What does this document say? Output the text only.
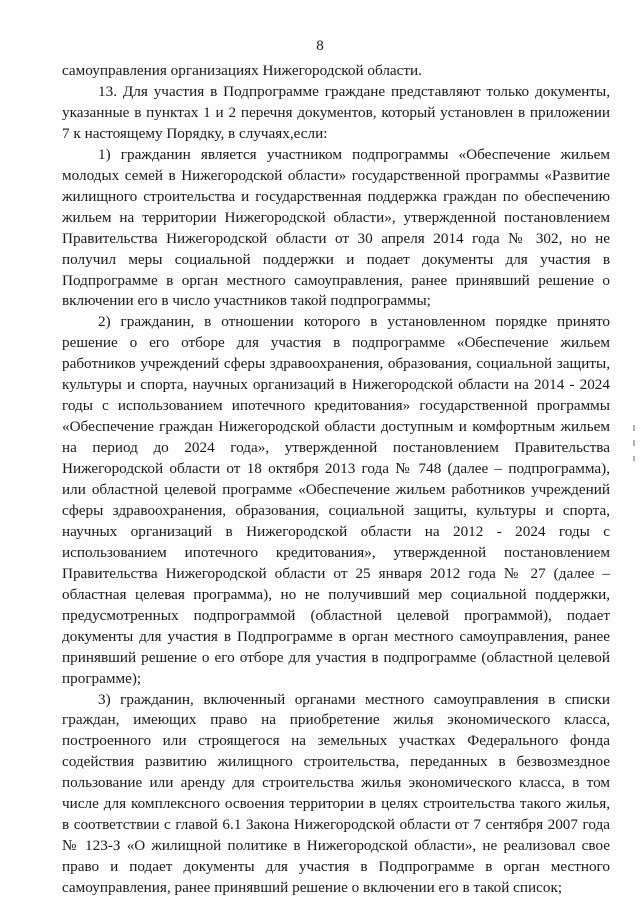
8
самоуправления организациях Нижегородской области.
13. Для участия в Подпрограмме граждане представляют только документы,
указанные в пунктах 1 и 2 перечня документов, который установлен в приложении
7 к настоящему Порядку, в случаях,если:
1) гражданин является участником подпрограммы «Обеспечение жильем
молодых семей в Нижегородской области» государственной программы «Развитие
жилищного строительства и государственная поддержка граждан по обеспечению
жильем на территории Нижегородской области», утвержденной постановлением
Правительства Нижегородской области от 30 апреля 2014 года № 302, но не
получил меры социальной поддержки и подает документы для участия в
Подпрограмме в орган местного самоуправления, ранее принявший решение о
включении его в число участников такой подпрограммы;
2) гражданин, в отношении которого в установленном порядке принято
решение о его отборе для участия в подпрограмме «Обеспечение жильем
работников учреждений сферы здравоохранения, образования, социальной защиты,
культуры и спорта, научных организаций в Нижегородской области на 2014 - 2024
годы с использованием ипотечного кредитования» государственной программы
«Обеспечение граждан Нижегородской области доступным и комфортным жильем
на период до 2024 года», утвержденной постановлением Правительства
Нижегородской области от 18 октября 2013 года № 748 (далее – подпрограмма),
или областной целевой программе «Обеспечение жильем работников учреждений
сферы здравоохранения, образования, социальной защиты, культуры и спорта,
научных организаций в Нижегородской области на 2012 - 2024 годы с
использованием ипотечного кредитования», утвержденной постановлением
Правительства Нижегородской области от 25 января 2012 года № 27 (далее –
областная целевая программа), но не получивший мер социальной поддержки,
предусмотренных подпрограммой (областной целевой программой), подает
документы для участия в Подпрограмме в орган местного самоуправления, ранее
принявший решение о его отборе для участия в подпрограмме (областной целевой
программе);
3) гражданин, включенный органами местного самоуправления в списки
граждан, имеющих право на приобретение жилья экономического класса,
построенного или строящегося на земельных участках Федерального фонда
содействия развитию жилищного строительства, переданных в безвозмездное
пользование или аренду для строительства жилья экономического класса, в том
числе для комплексного освоения территории в целях строительства такого жилья,
в соответствии с главой 6.1 Закона Нижегородской области от 7 сентября 2007 года
№ 123-З «О жилищной политике в Нижегородской области», не реализовал свое
право и подает документы для участия в Подпрограмме в орган местного
самоуправления, ранее принявший решение о включении его в такой список;
